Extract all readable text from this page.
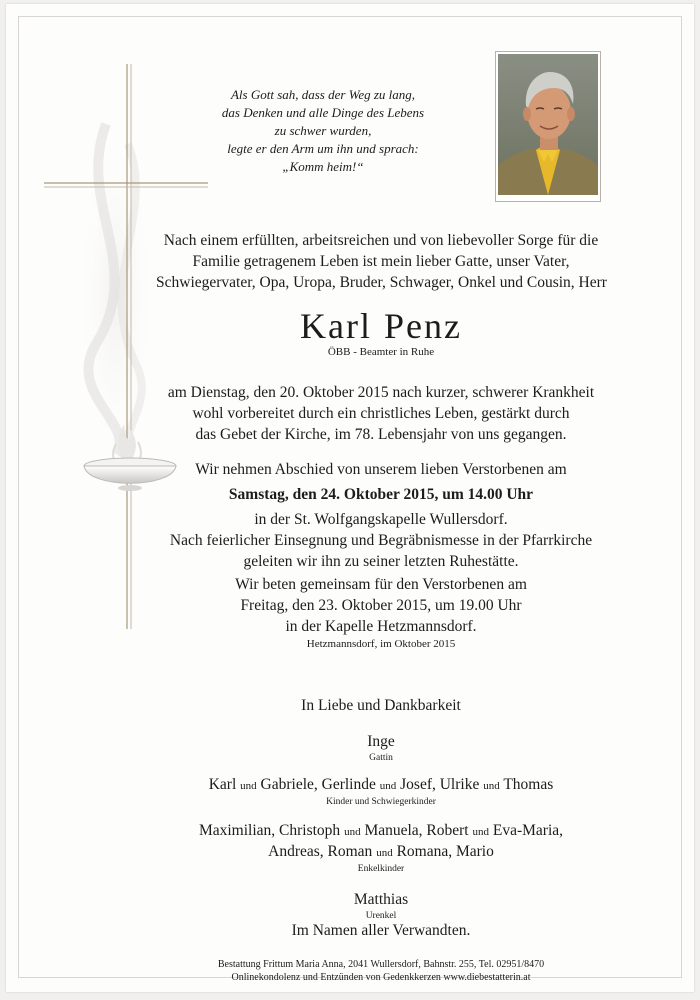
Als Gott sah, dass der Weg zu lang,
das Denken und alle Dinge des Lebens
zu schwer wurden,
legte er den Arm um ihn und sprach:
„Komm heim!“
Nach einem erfüllten, arbeitsreichen und von liebevoller Sorge für die
Familie getragenem Leben ist mein lieber Gatte, unser Vater,
Schwiegervater, Opa, Uropa, Bruder, Schwager, Onkel und Cousin, Herr
Karl Penz
ÖBB - Beamter in Ruhe
am Dienstag, den 20. Oktober 2015 nach kurzer, schwerer Krankheit
wohl vorbereitet durch ein christliches Leben, gestärkt durch
das Gebet der Kirche, im 78. Lebensjahr von uns gegangen.
Wir nehmen Abschied von unserem lieben Verstorbenen am
Samstag, den 24. Oktober 2015, um 14.00 Uhr
in der St. Wolfgangskapelle Wullersdorf.
Nach feierlicher Einsegnung und Begräbnismesse in der Pfarrkirche
geleiten wir ihn zu seiner letzten Ruhestätte.
Wir beten gemeinsam für den Verstorbenen am
Freitag, den 23. Oktober 2015, um 19.00 Uhr
in der Kapelle Hetzmannsdorf.
Hetzmannsdorf, im Oktober 2015
In Liebe und Dankbarkeit
Inge
Gattin
Karl und Gabriele, Gerlinde und Josef, Ulrike und Thomas
Kinder und Schwiegerkinder
Maximilian, Christoph und Manuela, Robert und Eva-Maria,
Andreas, Roman und Romana, Mario
Enkelkinder
Matthias
Urenkel
Im Namen aller Verwandten.
Bestattung Frittum Maria Anna, 2041 Wullersdorf, Bahnstr. 255, Tel. 02951/8470
Onlinekondolenz und Entzünden von Gedenkkerzen www.diebestatterin.at
